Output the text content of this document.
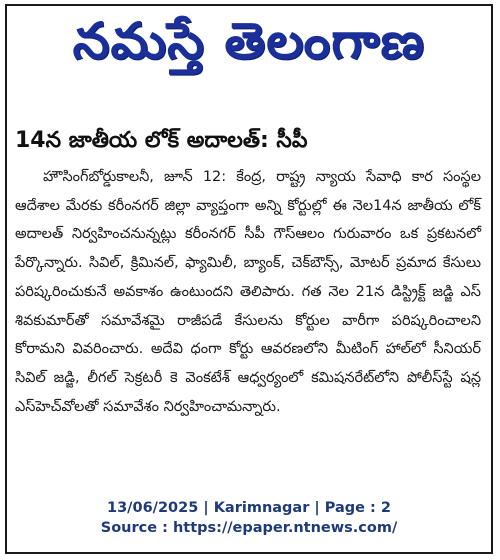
నమస్తే తెలంగాణ
14న జాతీయ లోక్‌ అదాలత్‌: సీపీ

హౌసింగ్‌బోర్డుకాలనీ, జూన్‌ 12: కేంద్ర, రాష్ట్ర న్యాయ సేవాధి కార సంస్థల ఆదేశాల మేరకు కరీంనగర్‌ జిల్లా వ్యాప్తంగా అన్ని కోర్టుల్లో ఈ నెల14న జాతీయ లోక్‌ అదాలత్‌ నిర్వహించనున్నట్లు కరీంనగర్‌ సీపీ గౌస్‌ఆలం గురువారం ఒక ప్రకటనలో పేర్కొన్నారు. సివిల్‌, క్రిమినల్‌, ఫ్యామిలీ, బ్యాంక్‌, చెక్‌బౌన్స్‌, మోటర్‌ ప్రమాద కేసులు పరిష్కరించుకునే అవకాశం ఉంటుందని తెలిపారు. గత నెల 21న డిస్ట్రిక్ట్‌ జడ్జి ఎస్‌ శివకుమార్‌తో సమావేశమై రాజీపడే కేసులను కోర్టుల వారీగా పరిష్కరించాలని కోరామని వివరించారు. అదేవి ధంగా కోర్టు ఆవరణలోని మీటింగ్‌ హాల్‌లో సీనియర్‌ సివిల్‌ జడ్జి, లీగల్‌ సెక్రటరీ కె వెంకటేశ్‌ ఆధ్వర్యంలో కమిషనరేట్‌లోని పోలీస్‌స్టే షన్ల ఎస్‌హెచ్‌వోలతో సమావేశం నిర్వహించామన్నారు.

13/06/2025 | Karimnagar | Page : 2
Source : https://epaper.ntnews.com/
